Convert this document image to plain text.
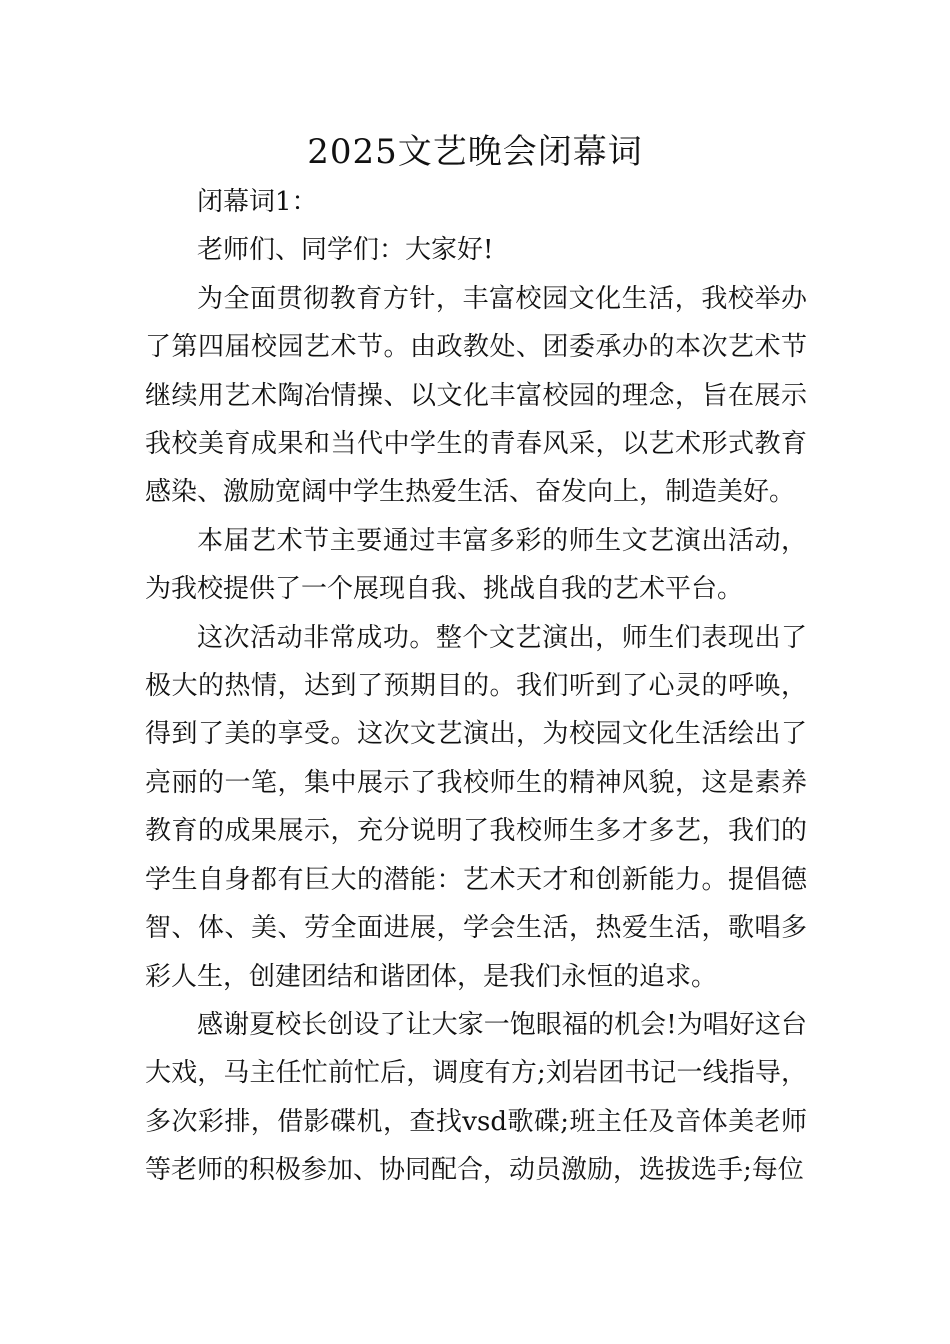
2025文艺晚会闭幕词

闭幕词1：

老师们、同学们：大家好!

为全面贯彻教育方针，丰富校园文化生活，我校举办了第四届校园艺术节。由政教处、团委承办的本次艺术节继续用艺术陶冶情操、以文化丰富校园的理念，旨在展示我校美育成果和当代中学生的青春风采，以艺术形式教育感染、激励宽阔中学生热爱生活、奋发向上，制造美好。

本届艺术节主要通过丰富多彩的师生文艺演出活动，为我校提供了一个展现自我、挑战自我的艺术平台。

这次活动非常成功。整个文艺演出，师生们表现出了极大的热情，达到了预期目的。我们听到了心灵的呼唤，得到了美的享受。这次文艺演出，为校园文化生活绘出了亮丽的一笔，集中展示了我校师生的精神风貌，这是素养教育的成果展示，充分说明了我校师生多才多艺，我们的学生自身都有巨大的潜能：艺术天才和创新能力。提倡德智、体、美、劳全面进展，学会生活，热爱生活，歌唱多彩人生，创建团结和谐团体，是我们永恒的追求。

感谢夏校长创设了让大家一饱眼福的机会!为唱好这台大戏，马主任忙前忙后，调度有方;刘岩团书记一线指导，多次彩排，借影碟机，查找vsd歌碟;班主任及音体美老师等老师的积极参加、协同配合，动员激励，选拔选手;每位
